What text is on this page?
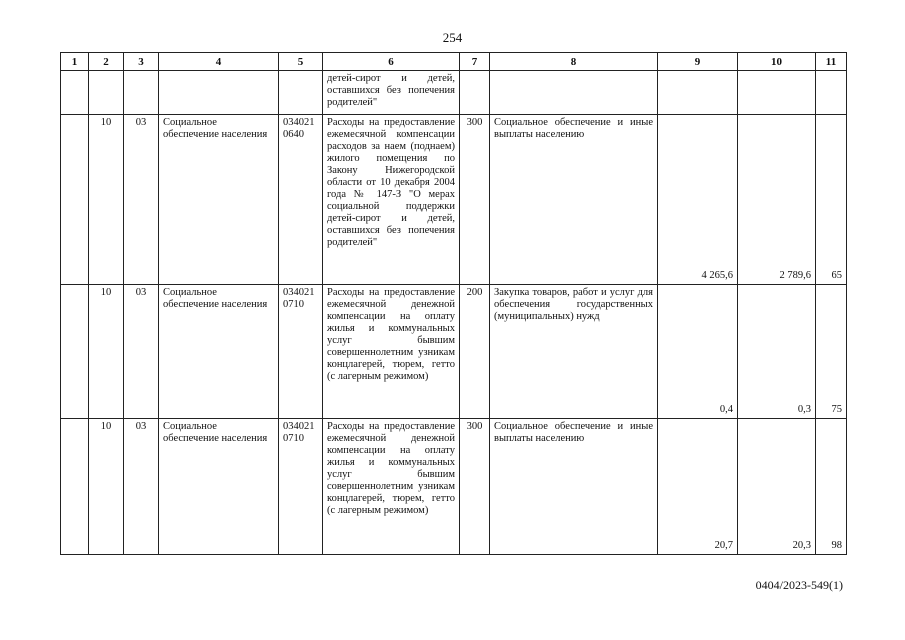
254
1	2	3	4	5	6	7	8	9	10	11
					детей-сирот и детей, оставшихся без попечения родителей"					
	10	03	Социальное обеспечение населения	034021 0640	Расходы на предоставление ежемесячной компенсации расходов за наем (поднаем) жилого помещения по Закону Нижегородской области от 10 декабря 2004 года № 147-З "О мерах социальной поддержки детей-сирот и детей, оставшихся без попечения родителей"	300	Социальное обеспечение и иные выплаты населению	4 265,6	2 789,6	65
	10	03	Социальное обеспечение населения	034021 0710	Расходы на предоставление ежемесячной денежной компенсации на оплату жилья и коммунальных услуг бывшим совершеннолетним узникам концлагерей, тюрем, гетто (с лагерным режимом)	200	Закупка товаров, работ и услуг для обеспечения государственных (муниципальных) нужд	0,4	0,3	75
	10	03	Социальное обеспечение населения	034021 0710	Расходы на предоставление ежемесячной денежной компенсации на оплату жилья и коммунальных услуг бывшим совершеннолетним узникам концлагерей, тюрем, гетто (с лагерным режимом)	300	Социальное обеспечение и иные выплаты населению	20,7	20,3	98
0404/2023-549(1)
